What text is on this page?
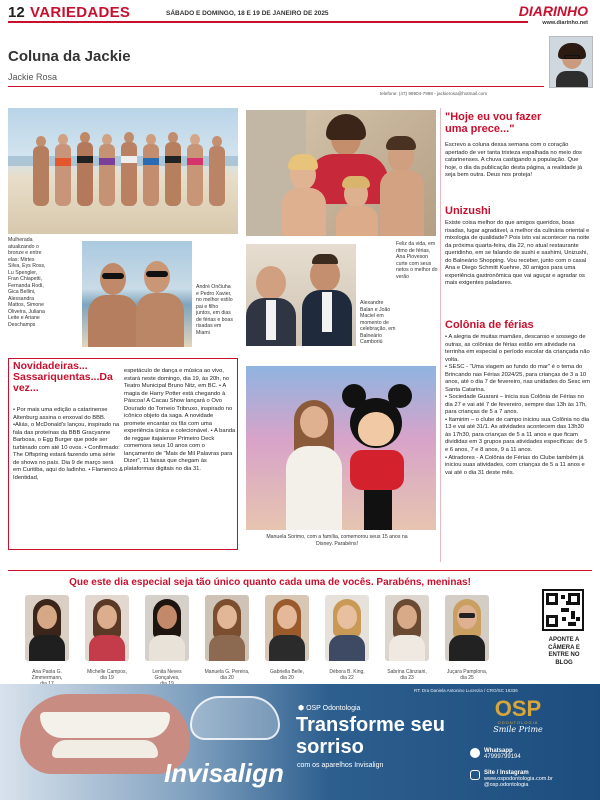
12 VARIEDADES	SÁBADO E DOMINGO, 18 E 19 DE JANEIRO DE 2025	DIARINHO
www.diarinho.net
Coluna da Jackie
Jackie Rosa
telefone: (47) 99904-7998 - jackierosa@hotmail.com
Mulherada atualizando o bronze e entre elas: Mirtes Silva, Eys Ross, Lu Spengler, Fran Chiapetti, Fernanda Rodi, Gica Bellini, Alessandra Mattos, Simone Oliveira, Juliana Leite e Ariane Deschamps
André Ončiuha e Pedro Xavier, no melhor estilo pai e filho juntos, em dias de férias e boas risadas em Miami
Feliz da vida, em ritmo de férias, Ana Pioveson curte com seus netos o melhor do verão
Alexandre Balan e João Maciel em momento de celebração, em Balneário Camboriú
Novidadeiras... Sassariquentas...Da vez...
• Por mais uma edição a catarinense Altenburg assina o enxoval do BBB. •Aliás, o McDonald's lançou, inspirado na fala das proteínas da BBB Gracyanne Barbosa, o Egg Burger que pode ser turbinado com até 10 ovos. • Confirmado: The Offspring estará fazendo uma série de shows no país. Dia 9 de março será em Curitiba, aqui do ladinho. • Flamenco & Identidad,
espetáculo de dança e música ao vivo, estará neste domingo, dia 19, às 20h, no Teatro Municipal Bruno Nitz, em BC. • A magia de Harry Potter está chegando à Páscoa! A Cacau Show lançará o Ovo Dourado do Torneio Tribruxo, inspirado no icônico objeto da saga. A novidade promete encantar os fãs com uma experiência única e colecionável. • A banda de reggae itajaiense Primeiro Deck comemora seus 10 anos com o lançamento de "Mais de Mil Palavras para Dizer", 11 faixas que chegam às plataformas digitais no dia 31.
Manuela Sorimo, com a família, comemorou seus 15 anos na Disney. Parabéns!
"Hoje eu vou fazer uma prece..."
Escrevo a coluna dessa semana com o coração apertado de ver tanta tristeza espalhada no meio dos catarinenses. A chuva castigando a população. Que hoje, o dia da publicação desta página, a realidade já seja bem outra. Deus nos proteja!
Unizushi
Existe coisa melhor do que amigos queridos, boas risadas, lugar agradável, a melhor da culinária oriental e mixologia de qualidade? Pois isto vai acontecer na noite da próxima quarta-feira, dia 22, no atual restaurante queridinho, em se falando de sushi e sashimi, Unizushi, do Balneário Shopping. Vou receber, junto com o casal Ana e Diego Schmitt Kuehne, 30 amigos para uma experiência gastronômica que vai aguçar e agradar os mais exigentes paladares.
Colônia de férias
• A alegria de muitas mamães, descanso e sossego de outras, as colônias de férias estão em atividade na terrinha em especial o período escolar da criançada não volta.
• SESC - "Uma viagem ao fundo do mar" é o tema do Brincando nas Férias 2024/25, para crianças de 3 a 10 anos, até o dia 7 de fevereiro, nas unidades do Sesc em Santa Catarina.
• Sociedade Guarani – inicia sua Colônia de Férias no dia 27 e vai até 7 de fevereiro, sempre das 13h às 17h, para crianças de 5 a 7 anos.
• Itamirim – o clube de campo iniciou sua Colônia no dia 13 e vai até 31/1. As atividades acontecem das 13h30 às 17h30, para crianças de 5 a 11 anos e que ficam divididas em 3 grupos para atividades específicas: de 5 e 6 anos, 7 e 8 anos, 9 a 11 anos.
• Atiradores - A Colônia de Férias do Clube também já iniciou suas atividades, com crianças de 5 a 11 anos e vai até o dia 31 deste mês.
Que este dia especial seja tão único quanto cada uma de vocês. Parabéns, meninas!
Ana Paola G. Zimmermann,
Michelle Campos,
dia 19
Lenita Neves Gonçalves,
Manuela G. Pereira,
dia 20
Gabriella Belle,
dia 20
Débora B. King,
dia 22
Sabrina Cânziani,
dia 23
Juçara Pamplona,
dia 25
APONTE A CÂMERA E ENTRE NO BLOG
Invisalign
RT: Dra Daniela Antonino Lucrezia / CRO/SC 16336
⬢ OSP Odontologia
Transforme seu
sorriso
com os aparelhos Invisalign
OSP
ODONTOLOGIA
Smile Prime
Whatsapp
47999799194
Site / Instagram
www.ospodontologia.com.br
@osp.odontologia
